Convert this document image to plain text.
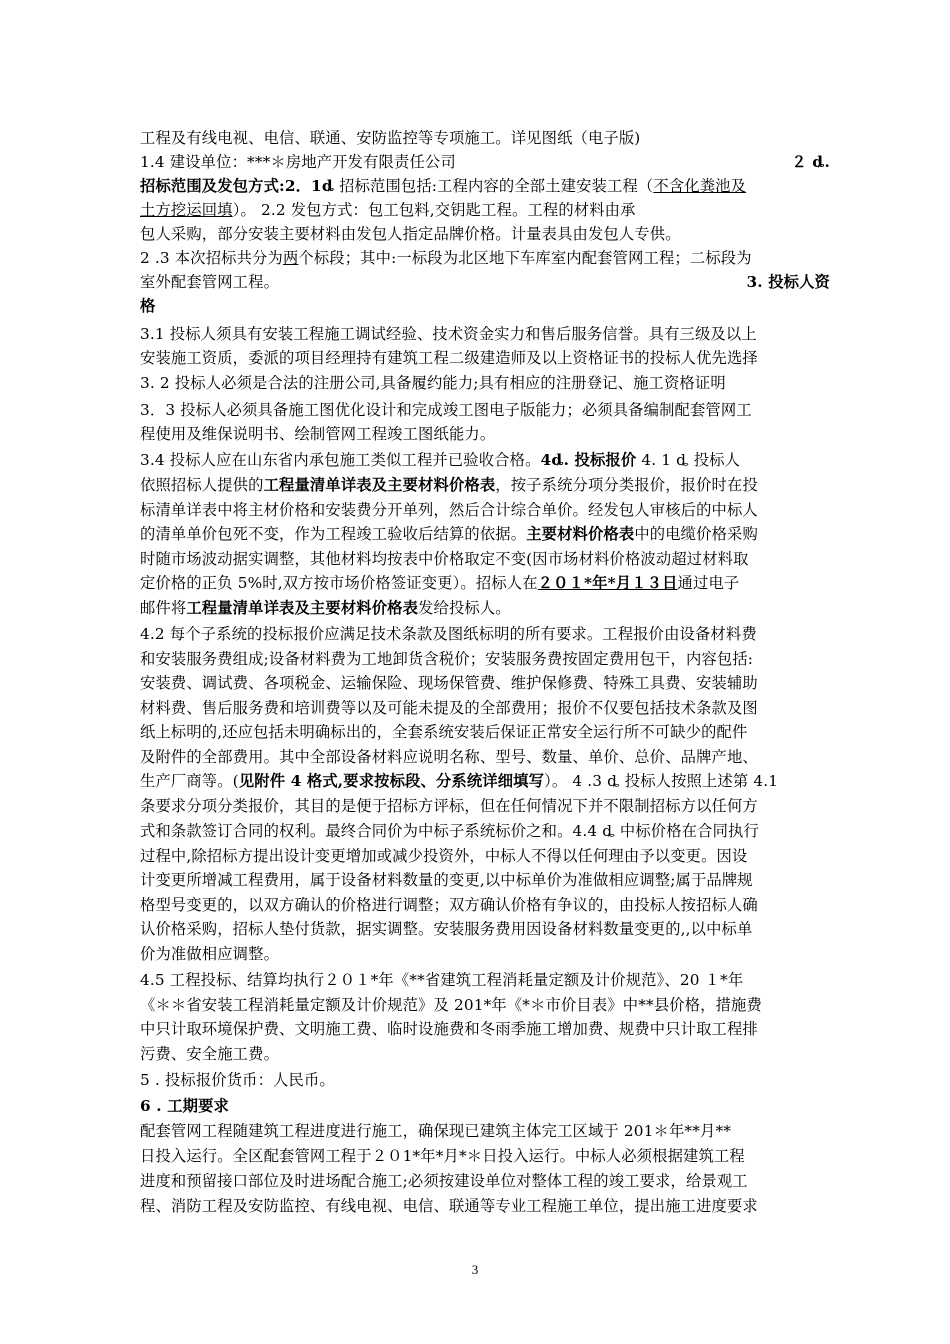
工程及有线电视、电信、联通、安防监控等专项施工。详见图纸（电子版)
1.4 建设单位：***＊房地产开发有限责任公司	２ ȡ.
招标范围及发包方式:2．1ȡ 招标范围包括:工程内容的全部土建安装工程（不含化粪池及
土方挖运回填）。 2.2 发包方式：包工包料,交钥匙工程。工程的材料由承
包人采购，部分安装主要材料由发包人指定品牌价格。计量表具由发包人专供。
2 .3 本次招标共分为两个标段；其中:一标段为北区地下车库室内配套管网工程；二标段为
室外配套管网工程。	3. 投标人资
格
3.1 投标人须具有安装工程施工调试经验、技术资金实力和售后服务信誉。具有三级及以上
安装施工资质，委派的项目经理持有建筑工程二级建造师及以上资格证书的投标人优先选择
3. 2 投标人必须是合法的注册公司,具备履约能力;具有相应的注册登记、施工资格证明
3．3 投标人必须具备施工图优化设计和完成竣工图电子版能力；必须具备编制配套管网工
程使用及维保说明书、绘制管网工程竣工图纸能力。
3.4 投标人应在山东省内承包施工类似工程并已验收合格。4ȡ. 投标报价 4. 1 ȡ 投标人
依照招标人提供的工程量清单详表及主要材料价格表，按子系统分项分类报价，报价时在投
标清单详表中将主材价格和安装费分开单列，然后合计综合单价。经发包人审核后的中标人
的清单单价包死不变，作为工程竣工验收后结算的依据。主要材料价格表中的电缆价格采购
时随市场波动据实调整，其他材料均按表中价格取定不变(因市场材料价格波动超过材料取
定价格的正负 5%时,双方按市场价格签证变更）。招标人在２０１*年*月１３日通过电子
邮件将工程量清单详表及主要材料价格表发给投标人。
4.2 每个子系统的投标报价应满足技术条款及图纸标明的所有要求。工程报价由设备材料费
和安装服务费组成;设备材料费为工地卸货含税价；安装服务费按固定费用包干，内容包括:
安装费、调试费、各项税金、运输保险、现场保管费、维护保修费、特殊工具费、安装辅助
材料费、售后服务费和培训费等以及可能未提及的全部费用；报价不仅要包括技术条款及图
纸上标明的,还应包括未明确标出的，全套系统安装后保证正常安全运行所不可缺少的配件
及附件的全部费用。其中全部设备材料应说明名称、型号、数量、单价、总价、品牌产地、
生产厂商等。(见附件 4 格式,要求按标段、分系统详细填写）。 4 .3 ȡ 投标人按照上述第 4.1
条要求分项分类报价，其目的是便于招标方评标，但在任何情况下并不限制招标方以任何方
式和条款签订合同的权利。最终合同价为中标子系统标价之和。4.4 ȡ 中标价格在合同执行
过程中,除招标方提出设计变更增加或减少投资外，中标人不得以任何理由予以变更。因设
计变更所增减工程费用，属于设备材料数量的变更,以中标单价为准做相应调整;属于品牌规
格型号变更的，以双方确认的价格进行调整；双方确认价格有争议的，由投标人按招标人确
认价格采购，招标人垫付货款，据实调整。安装服务费用因设备材料数量变更的,,以中标单
价为准做相应调整。
4.5 工程投标、结算均执行２０１*年《**省建筑工程消耗量定额及计价规范》、20 １*年
《＊＊省安装工程消耗量定额及计价规范》及 201*年《*＊市价目表》中**县价格，措施费
中只计取环境保护费、文明施工费、临时设施费和冬雨季施工增加费、规费中只计取工程排
污费、安全施工费。
5 . 投标报价货币：人民币。
6 . 工期要求
配套管网工程随建筑工程进度进行施工，确保现已建筑主体完工区域于 201＊年**月**
日投入运行。全区配套管网工程于２０1*年*月*＊日投入运行。中标人必须根据建筑工程
进度和预留接口部位及时进场配合施工;必须按建设单位对整体工程的竣工要求，给景观工
程、消防工程及安防监控、有线电视、电信、联通等专业工程施工单位，提出施工进度要求
3
